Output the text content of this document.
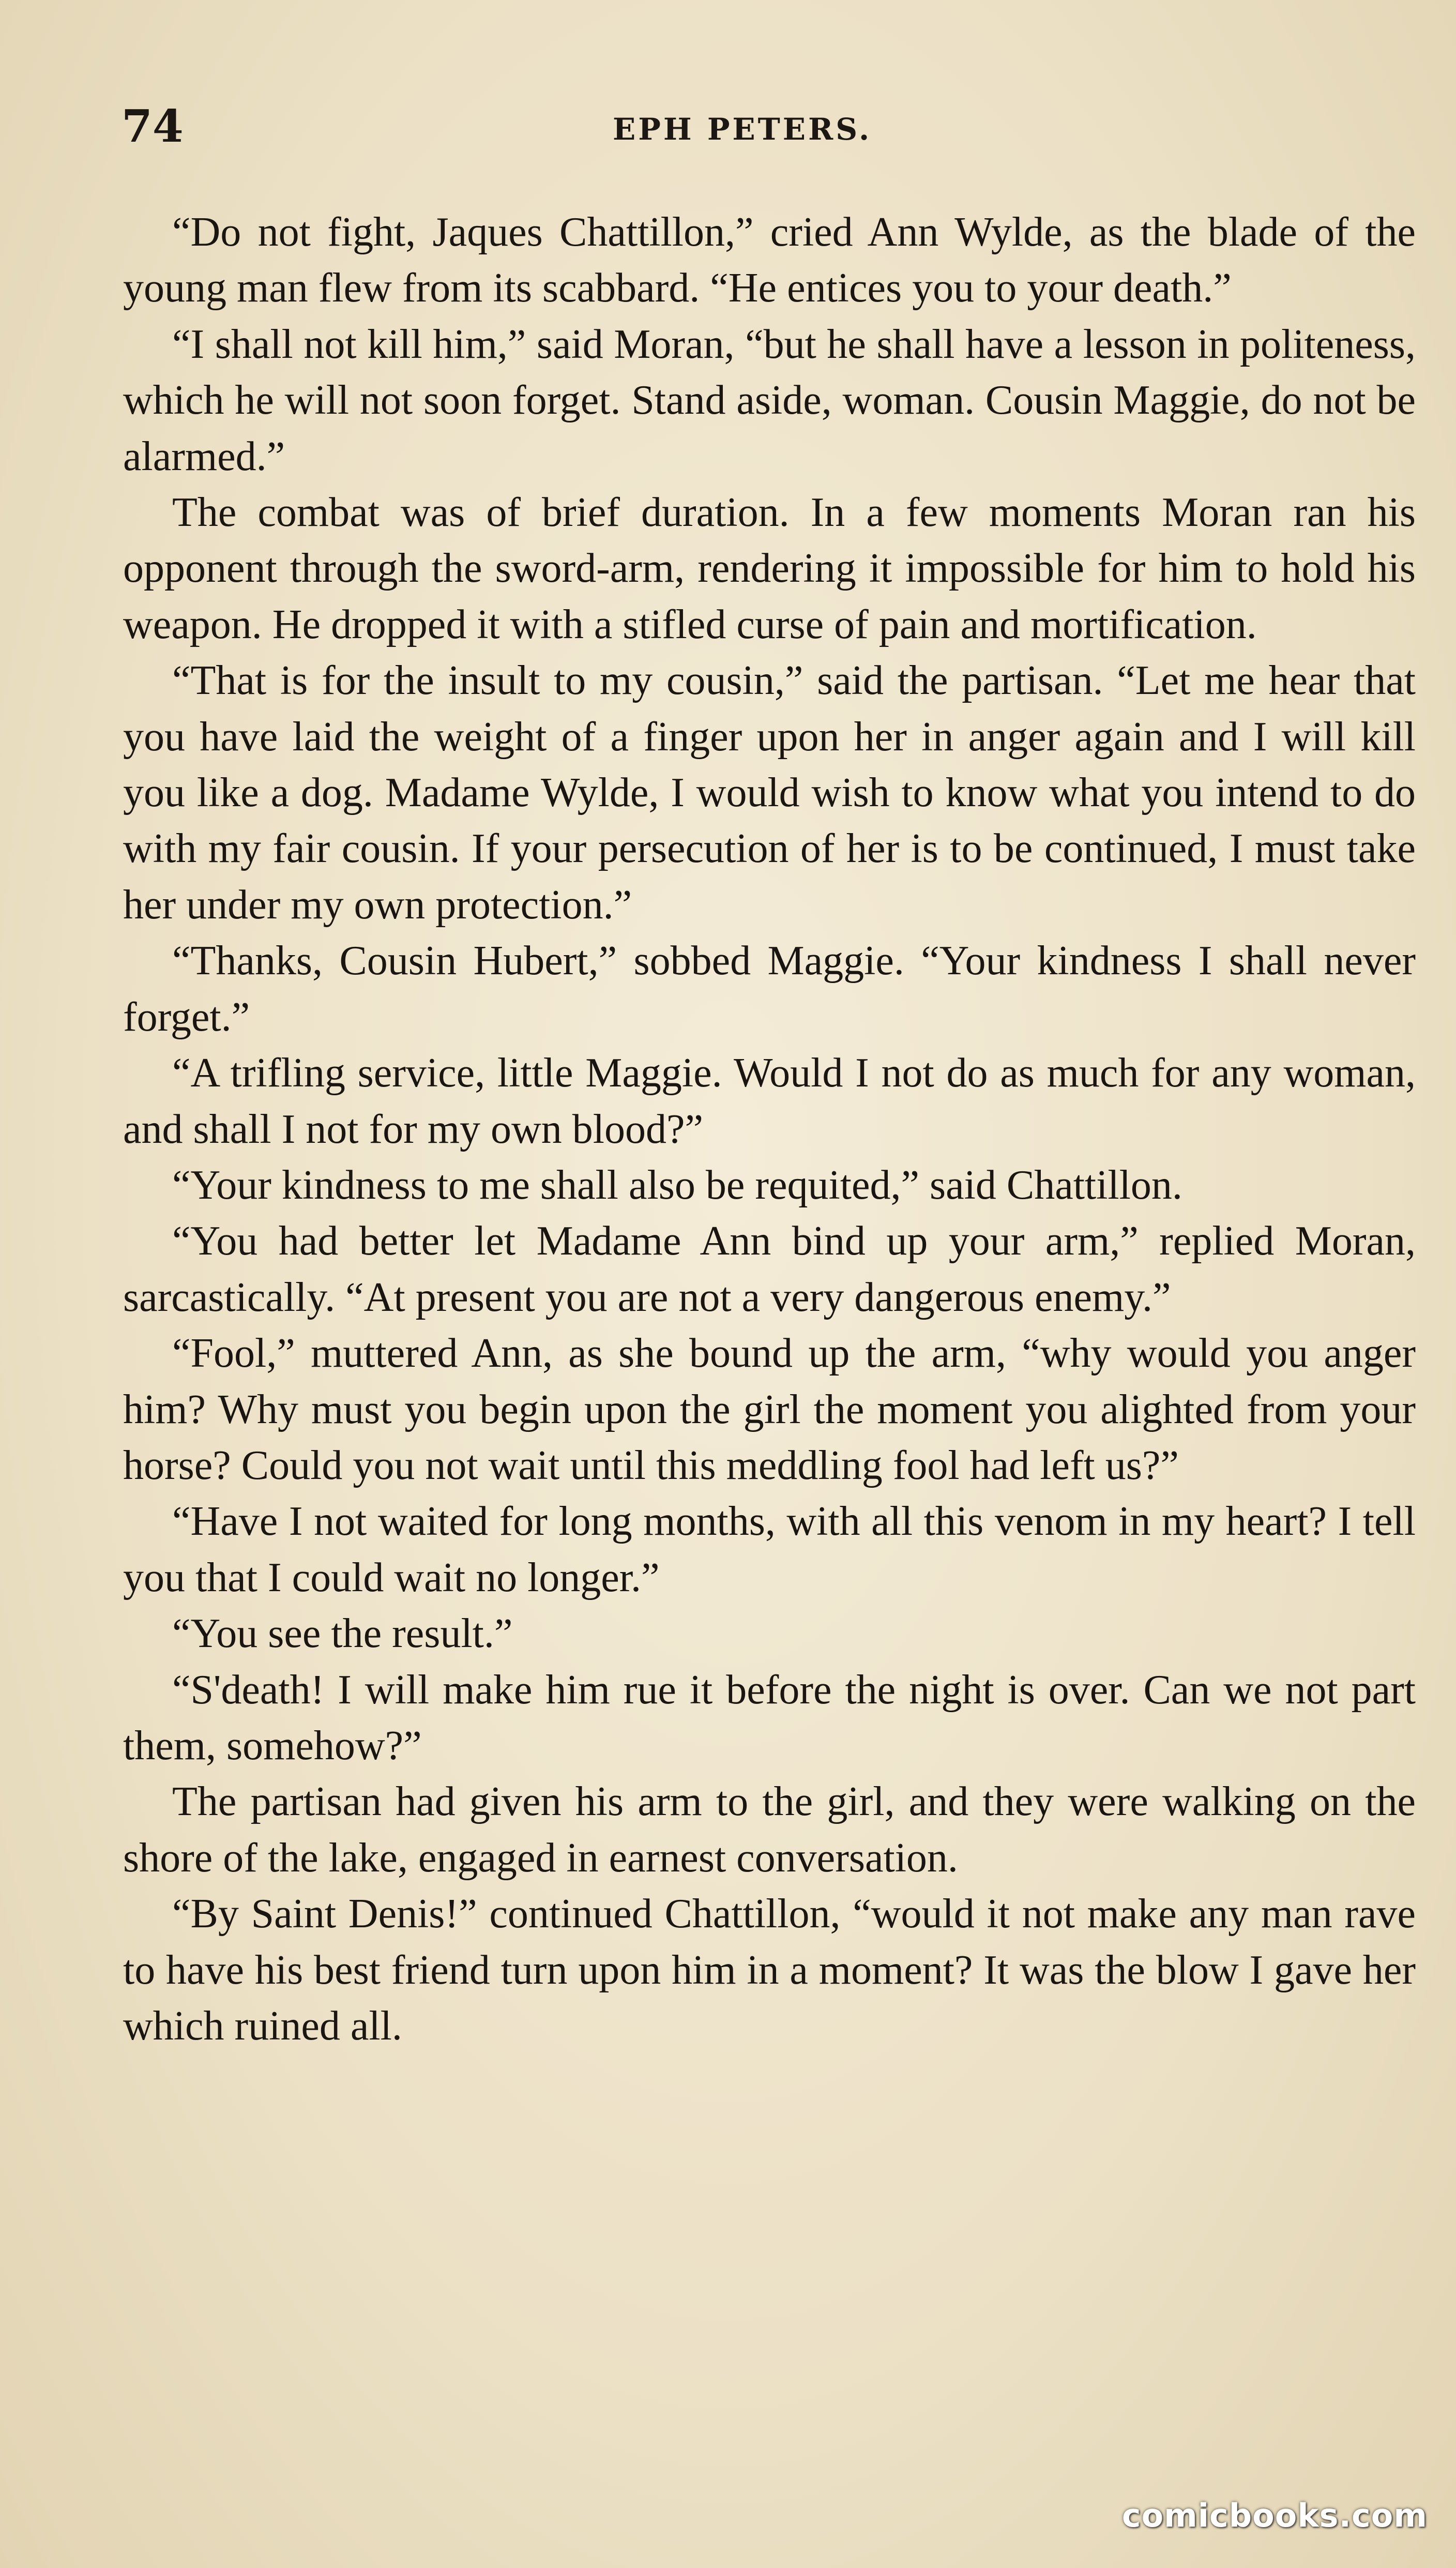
74	EPH PETERS.

“Do not fight, Jaques Chattillon,” cried Ann Wylde, as the blade of the young man flew from its scabbard. “He entices you to your death.”

“I shall not kill him,” said Moran, “but he shall have a lesson in politeness, which he will not soon forget. Stand aside, woman. Cousin Maggie, do not be alarmed.”

The combat was of brief duration. In a few moments Moran ran his opponent through the sword-arm, rendering it impossible for him to hold his weapon. He dropped it with a stifled curse of pain and mortification.

“That is for the insult to my cousin,” said the partisan. “Let me hear that you have laid the weight of a finger upon her in anger again and I will kill you like a dog. Madame Wylde, I would wish to know what you intend to do with my fair cousin. If your persecution of her is to be continued, I must take her under my own protection.”

“Thanks, Cousin Hubert,” sobbed Maggie. “Your kindness I shall never forget.”

“A trifling service, little Maggie. Would I not do as much for any woman, and shall I not for my own blood?”

“Your kindness to me shall also be requited,” said Chattillon.

“You had better let Madame Ann bind up your arm,” replied Moran, sarcastically. “At present you are not a very dangerous enemy.”

“Fool,” muttered Ann, as she bound up the arm, “why would you anger him? Why must you begin upon the girl the moment you alighted from your horse? Could you not wait until this meddling fool had left us?”

“Have I not waited for long months, with all this venom in my heart? I tell you that I could wait no longer.”

“You see the result.”

“S'death! I will make him rue it before the night is over. Can we not part them, somehow?”

The partisan had given his arm to the girl, and they were walking on the shore of the lake, engaged in earnest conversation.

“By Saint Denis!” continued Chattillon, “would it not make any man rave to have his best friend turn upon him in a moment? It was the blow I gave her which ruined all.

comicbooks.com
